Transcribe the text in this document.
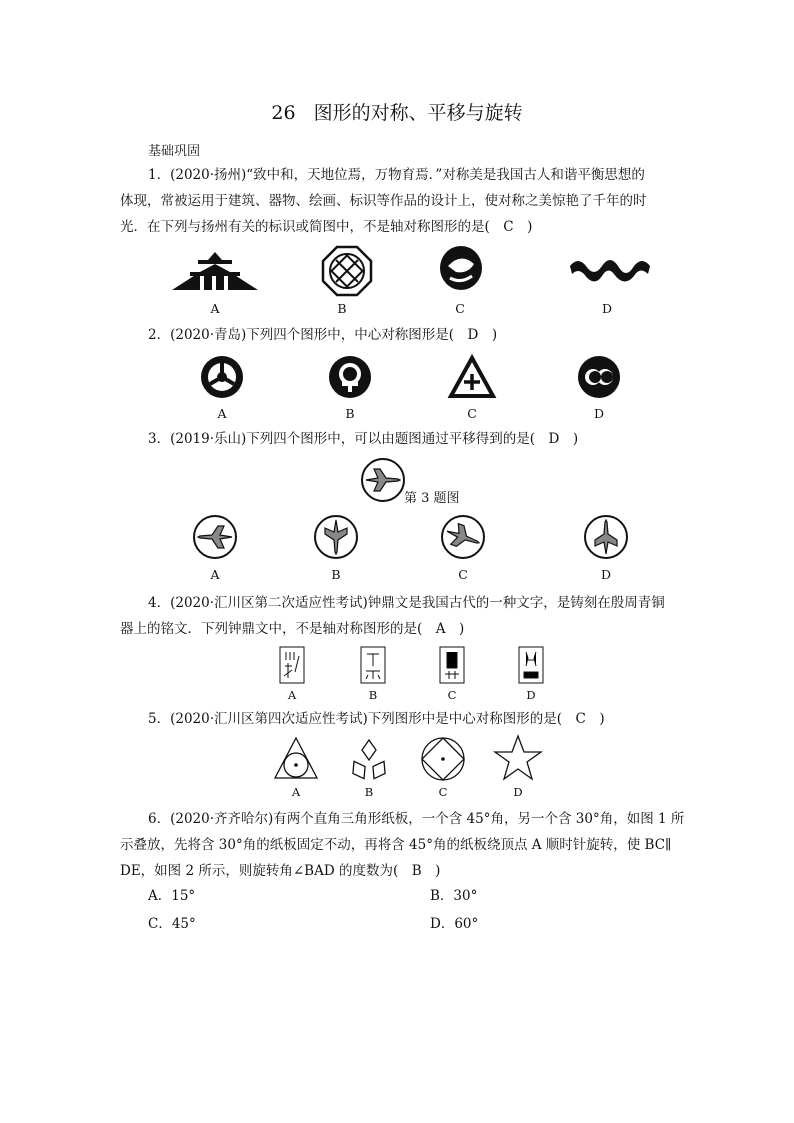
26 图形的对称、平移与旋转
基础巩固
1．(2020·扬州)“致中和，天地位焉，万物育焉．”对称美是我国古人和谐平衡思想的
体现，常被运用于建筑、器物、绘画、标识等作品的设计上，使对称之美惊艳了千年的时
光．在下列与扬州有关的标识或简图中，不是轴对称图形的是(　C　)
A	B	C	D
2．(2020·青岛)下列四个图形中，中心对称图形是(　D　)
A	B	C	D
3．(2019·乐山)下列四个图形中，可以由题图通过平移得到的是(　D　)
第 3 题图
A	B	C	D
4．(2020·汇川区第二次适应性考试)钟鼎文是我国古代的一种文字，是铸刻在殷周青铜
器上的铭文．下列钟鼎文中，不是轴对称图形的是(　A　)
A	B	C	D
5．(2020·汇川区第四次适应性考试)下列图形中是中心对称图形的是(　C　)
A	B	C	D
6．(2020·齐齐哈尔)有两个直角三角形纸板，一个含 45°角，另一个含 30°角，如图 1 所
示叠放，先将含 30°角的纸板固定不动，再将含 45°角的纸板绕顶点 A 顺时针旋转，使 BC∥
DE，如图 2 所示，则旋转角∠BAD 的度数为(　B　)
A．15°	B．30°
C．45°	D．60°
